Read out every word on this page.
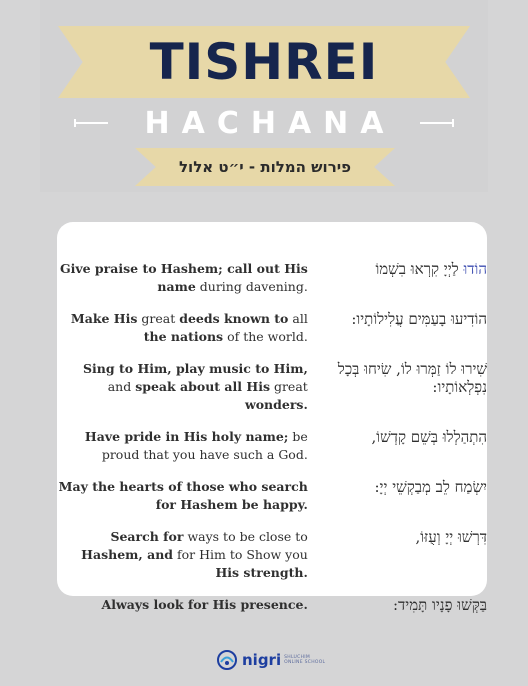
TISHREI
HACHANA
פירוש המלות - י״ט אלול
Give praise to Hashem; call out His name during davening.
הוֹדוּ לַיְיָ קִרְאוּ בִשְׁמוֹ
Make His great deeds known to all the nations of the world.
הוֹדִיעוּ בָעַמִּים עֲלִילוֹתָיו:
Sing to Him, play music to Him, and speak about all His great wonders.
שִׁירוּ לוֹ זַמְּרוּ לוֹ, שִׂיחוּ בְּכָל נִפְלְאוֹתָיו:
Have pride in His holy name; be proud that you have such a God.
הִתְהַלְלוּ בְּשֵׁם קָדְשׁוֹ,
May the hearts of those who search for Hashem be happy.
יִשְׂמַח לֵב מְבַקְשֵׁי יְיָ:
Search for ways to be close to Hashem, and for Him to Show you His strength.
דִּרְשׁוּ יְיָ וְעֻזּוֹ,
Always look for His presence.	בַּקְּשׁוּ פָנָיו תָּמִיד:
nigri SHLUCHIM
ONLINE SCHOOL
